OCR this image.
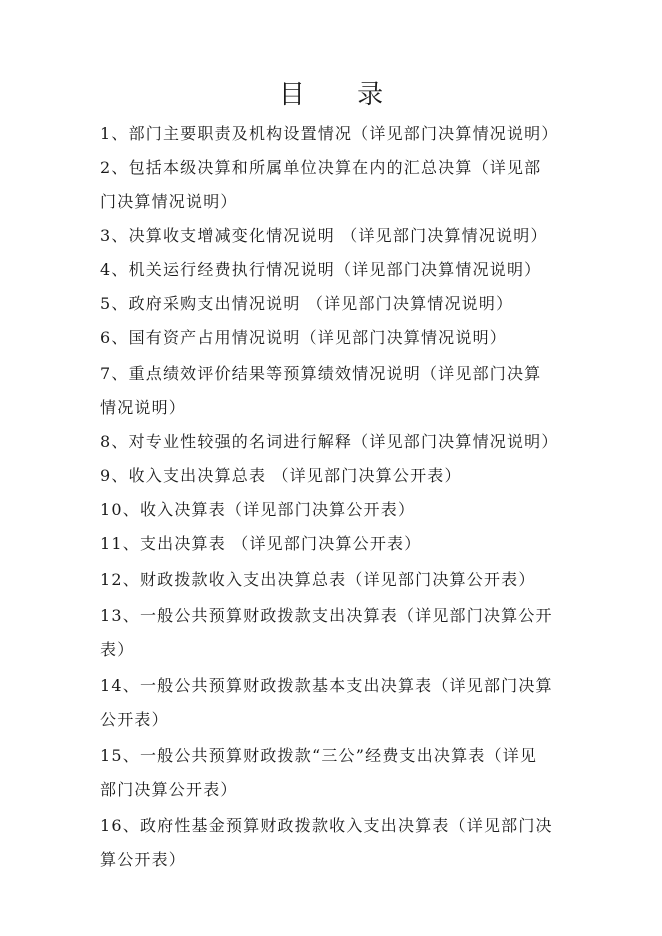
目 录
1、部门主要职责及机构设置情况（详见部门决算情况说明）
2、包括本级决算和所属单位决算在内的汇总决算（详见部
门决算情况说明）
3、决算收支增减变化情况说明 （详见部门决算情况说明）
4、机关运行经费执行情况说明（详见部门决算情况说明）
5、政府采购支出情况说明 （详见部门决算情况说明）
6、国有资产占用情况说明（详见部门决算情况说明）
7、重点绩效评价结果等预算绩效情况说明（详见部门决算
情况说明）
8、对专业性较强的名词进行解释（详见部门决算情况说明）
9、收入支出决算总表 （详见部门决算公开表）
10、收入决算表（详见部门决算公开表）
11、支出决算表 （详见部门决算公开表）
12、财政拨款收入支出决算总表（详见部门决算公开表）
13、一般公共预算财政拨款支出决算表（详见部门决算公开
表）
14、一般公共预算财政拨款基本支出决算表（详见部门决算
公开表）
15、一般公共预算财政拨款“三公”经费支出决算表（详见
部门决算公开表）
16、政府性基金预算财政拨款收入支出决算表（详见部门决
算公开表）
